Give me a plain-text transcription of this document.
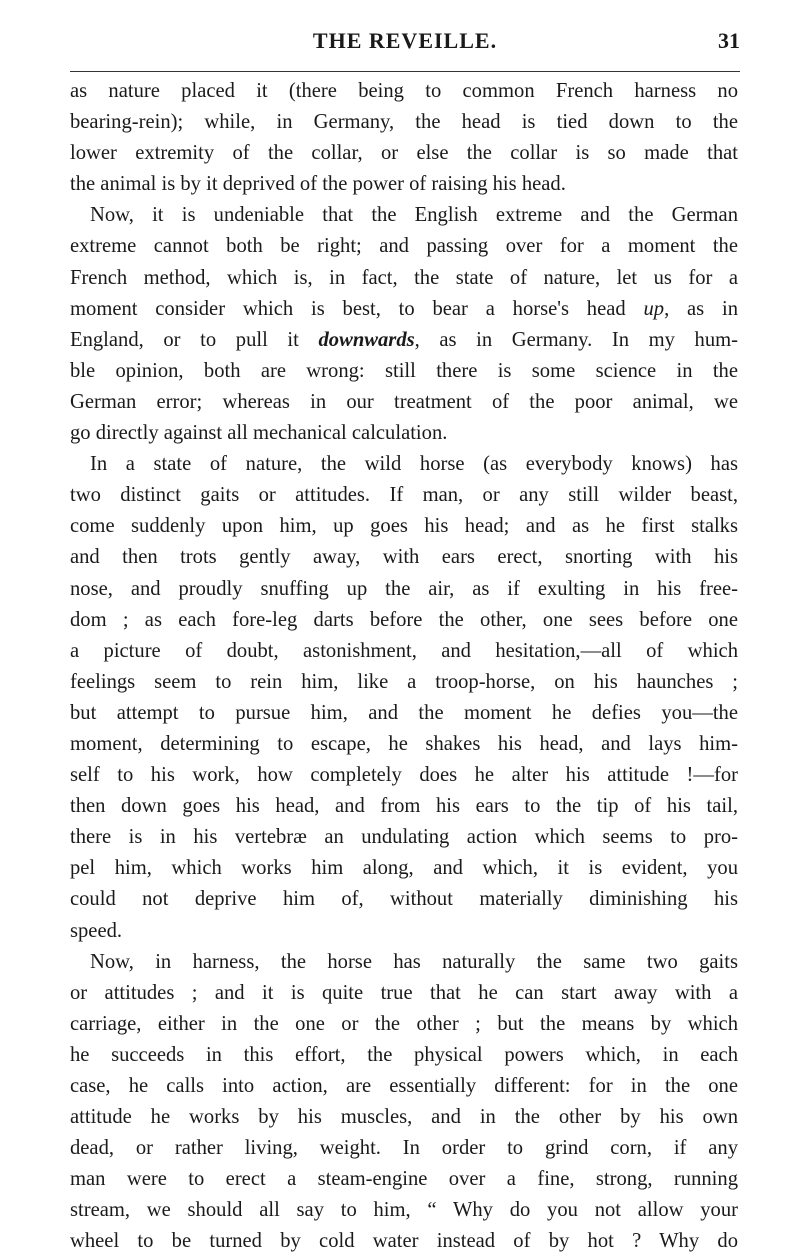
THE REVEILLE.	31
as nature placed it (there being to common French harness no
bearing-rein); while, in Germany, the head is tied down to the
lower extremity of the collar, or else the collar is so made that
the animal is by it deprived of the power of raising his head.
Now, it is undeniable that the English extreme and the German
extreme cannot both be right; and passing over for a moment the
French method, which is, in fact, the state of nature, let us for a
moment consider which is best, to bear a horse's head up, as in
England, or to pull it downwards, as in Germany. In my hum-
ble opinion, both are wrong: still there is some science in the
German error; whereas in our treatment of the poor animal, we
go directly against all mechanical calculation.
In a state of nature, the wild horse (as everybody knows) has
two distinct gaits or attitudes. If man, or any still wilder beast,
come suddenly upon him, up goes his head; and as he first stalks
and then trots gently away, with ears erect, snorting with his
nose, and proudly snuffing up the air, as if exulting in his free-
dom ; as each fore-leg darts before the other, one sees before one
a picture of doubt, astonishment, and hesitation,—all of which
feelings seem to rein him, like a troop-horse, on his haunches ;
but attempt to pursue him, and the moment he defies you—the
moment, determining to escape, he shakes his head, and lays him-
self to his work, how completely does he alter his attitude !—for
then down goes his head, and from his ears to the tip of his tail,
there is in his vertebræ an undulating action which seems to pro-
pel him, which works him along, and which, it is evident, you
could not deprive him of, without materially diminishing his
speed.
Now, in harness, the horse has naturally the same two gaits
or attitudes ; and it is quite true that he can start away with a
carriage, either in the one or the other ; but the means by which
he succeeds in this effort, the physical powers which, in each
case, he calls into action, are essentially different: for in the one
attitude he works by his muscles, and in the other by his own
dead, or rather living, weight. In order to grind corn, if any
man were to erect a steam-engine over a fine, strong, running
stream, we should all say to him, “ Why do you not allow your
wheel to be turned by cold water instead of by hot ? Why do
